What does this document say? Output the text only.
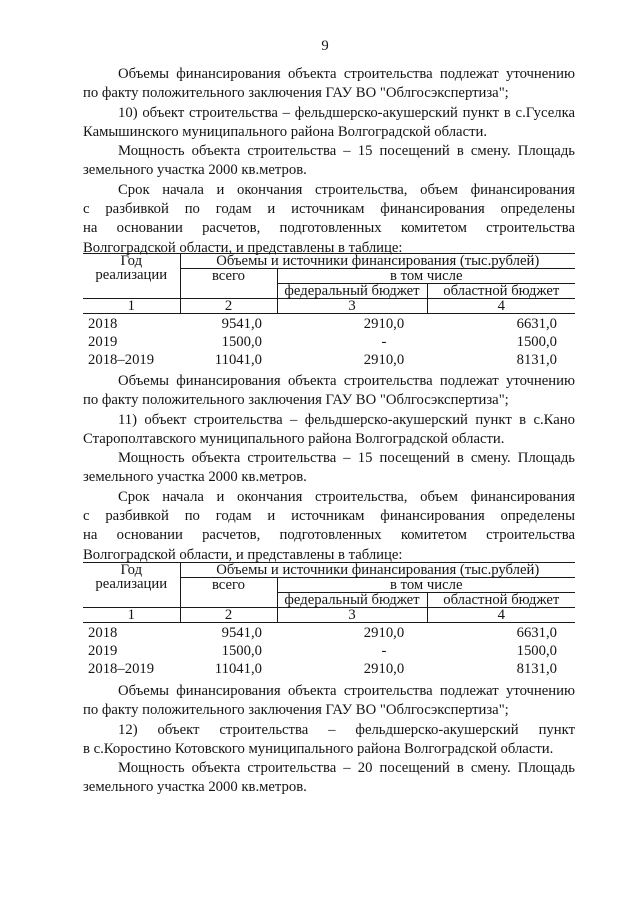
9
Объемы финансирования объекта строительства подлежат уточнению
по факту положительного заключения ГАУ ВО "Облгосэкспертиза";
10) объект строительства – фельдшерско-акушерский пункт в с.Гуселка
Камышинского муниципального района Волгоградской области.
Мощность объекта строительства – 15 посещений в смену. Площадь
земельного участка 2000 кв.метров.
Срок начала и окончания строительства, объем финансирования
с разбивкой по годам и источникам финансирования определены
на основании расчетов, подготовленных комитетом строительства
Волгоградской области, и представлены в таблице:
Год реализации	Объемы и источники финансирования (тыс.рублей)		
	всего	в том числе	
		федеральный бюджет	областной бюджет
1	2	3	4
2018	9541,0	2910,0	6631,0
2019	1500,0	-	1500,0
2018–2019	11041,0	2910,0	8131,0
Объемы финансирования объекта строительства подлежат уточнению
по факту положительного заключения ГАУ ВО "Облгосэкспертиза";
11) объект строительства – фельдшерско-акушерский пункт в с.Кано
Старополтавского муниципального района Волгоградской области.
Мощность объекта строительства – 15 посещений в смену. Площадь
земельного участка 2000 кв.метров.
Срок начала и окончания строительства, объем финансирования
с разбивкой по годам и источникам финансирования определены
на основании расчетов, подготовленных комитетом строительства
Волгоградской области, и представлены в таблице:
Год реализации	Объемы и источники финансирования (тыс.рублей)		
	всего	в том числе	
		федеральный бюджет	областной бюджет
1	2	3	4
2018	9541,0	2910,0	6631,0
2019	1500,0	-	1500,0
2018–2019	11041,0	2910,0	8131,0
Объемы финансирования объекта строительства подлежат уточнению
по факту положительного заключения ГАУ ВО "Облгосэкспертиза";
12) объект строительства – фельдшерско-акушерский пункт
в с.Коростино Котовского муниципального района Волгоградской области.
Мощность объекта строительства – 20 посещений в смену. Площадь
земельного участка 2000 кв.метров.
